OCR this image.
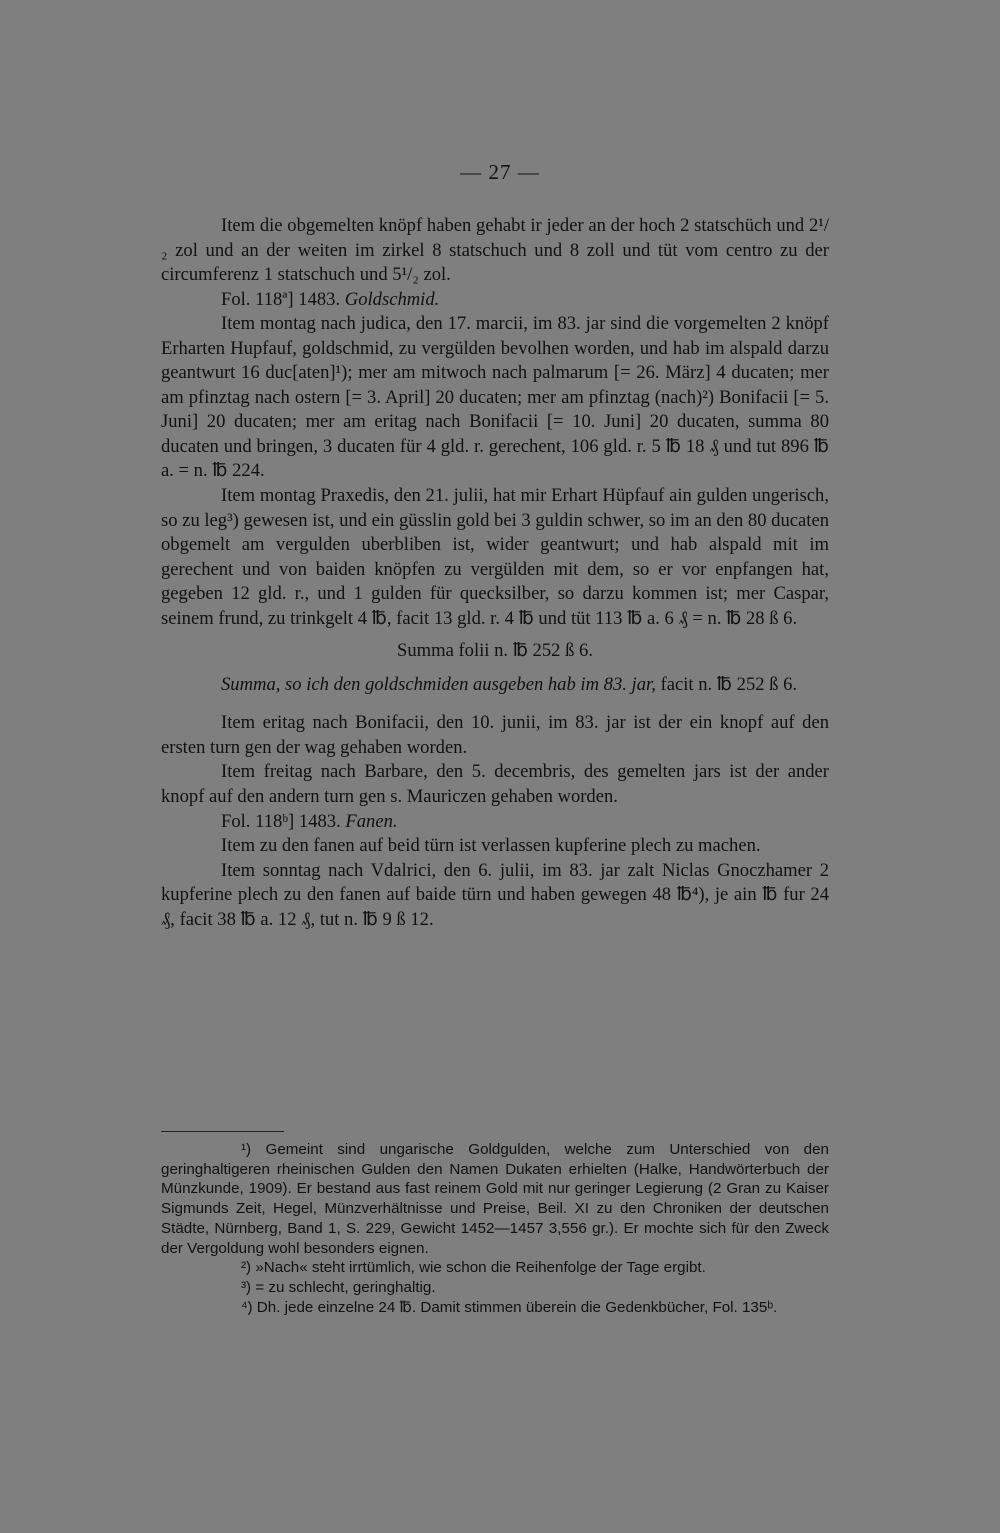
— 27 —

Item die obgemelten knöpf haben gehabt ir jeder an der hoch 2 statschüch und 2¹/₂ zol und an der weiten im zirkel 8 statschuch und 8 zoll und tüt vom centro zu der circumferenz 1 statschuch und 5¹/₂ zol.

Fol. 118ª] 1483. Goldschmid.

Item montag nach judica, den 17. marcii, im 83. jar sind die vorgemelten 2 knöpf Erharten Hupfauf, goldschmid, zu vergülden bevolhen worden, und hab im alspald darzu geantwurt 16 duc[aten]¹); mer am mitwoch nach palmarum [= 26. März] 4 ducaten; mer am pfinztag nach ostern [= 3. April] 20 ducaten; mer am pfinztag (nach)²) Bonifacii [= 5. Juni] 20 ducaten; mer am eritag nach Bonifacii [= 10. Juni] 20 ducaten, summa 80 ducaten und bringen, 3 ducaten für 4 gld. r. gerechent, 106 gld. r. 5 ℔ 18 ₰ und tut 896 ℔ a. = n. ℔ 224.

Item montag Praxedis, den 21. julii, hat mir Erhart Hüpfauf ain gulden ungerisch, so zu leg³) gewesen ist, und ein güsslin gold bei 3 guldin schwer, so im an den 80 ducaten obgemelt am vergulden uberbliben ist, wider geantwurt; und hab alspald mit im gerechent und von baiden knöpfen zu vergülden mit dem, so er vor enpfangen hat, gegeben 12 gld. r., und 1 gulden für quecksilber, so darzu kommen ist; mer Caspar, seinem frund, zu trinkgelt 4 ℔, facit 13 gld. r. 4 ℔ und tüt 113 ℔ a. 6 ₰ = n. ℔ 28 ß 6.

Summa folii n. ℔ 252 ß 6.

Summa, so ich den goldschmiden ausgeben hab im 83. jar, facit n. ℔ 252 ß 6.

Item eritag nach Bonifacii, den 10. junii, im 83. jar ist der ein knopf auf den ersten turn gen der wag gehaben worden.

Item freitag nach Barbare, den 5. decembris, des gemelten jars ist der ander knopf auf den andern turn gen s. Mauriczen gehaben worden.

Fol. 118ᵇ] 1483. Fanen.

Item zu den fanen auf beid türn ist verlassen kupferine plech zu machen.

Item sonntag nach Vdalrici, den 6. julii, im 83. jar zalt Niclas Gnoczhamer 2 kupferine plech zu den fanen auf baide türn und haben gewegen 48 ℔⁴), je ain ℔ fur 24 ₰, facit 38 ℔ a. 12 ₰, tut n. ℔ 9 ß 12.

¹) Gemeint sind ungarische Goldgulden, welche zum Unterschied von den geringhaltigeren rheinischen Gulden den Namen Dukaten erhielten (Halke, Handwörterbuch der Münzkunde, 1909). Er bestand aus fast reinem Gold mit nur geringer Legierung (2 Gran zu Kaiser Sigmunds Zeit, Hegel, Münzverhältnisse und Preise, Beil. XI zu den Chroniken der deutschen Städte, Nürnberg, Band 1, S. 229, Gewicht 1452—1457 3,556 gr.). Er mochte sich für den Zweck der Vergoldung wohl besonders eignen.

²) »Nach« steht irrtümlich, wie schon die Reihenfolge der Tage ergibt.

³) = zu schlecht, geringhaltig.

⁴) Dh. jede einzelne 24 ℔. Damit stimmen überein die Gedenkbücher, Fol. 135ᵇ.
